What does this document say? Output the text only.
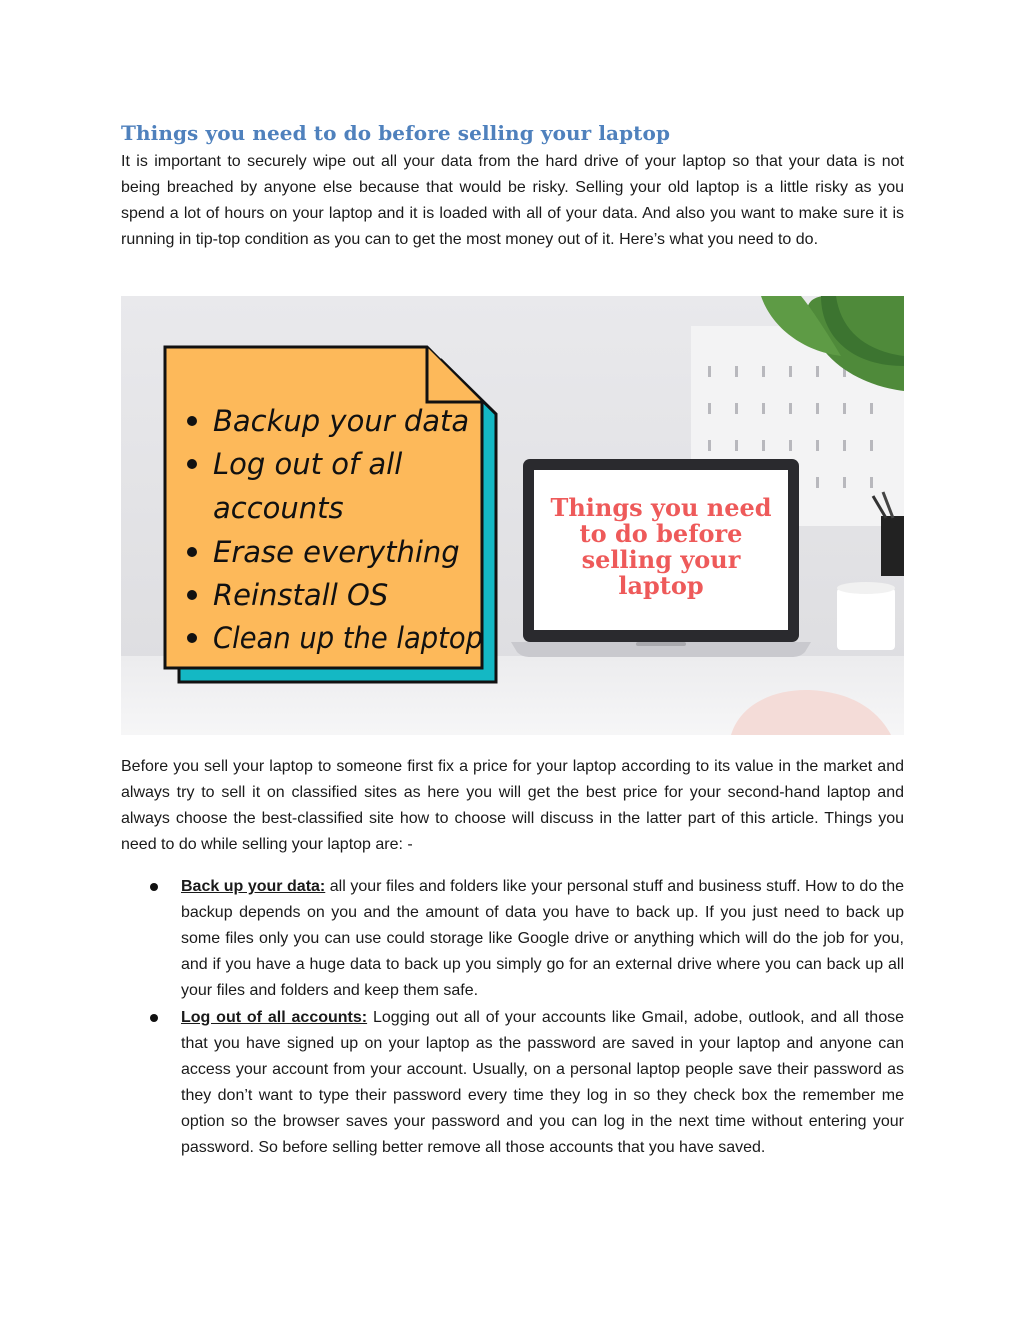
Things you need to do before selling your laptop

It is important to securely wipe out all your data from the hard drive of your laptop so that your data is not being breached by anyone else because that would be risky. Selling your old laptop is a little risky as you spend a lot of hours on your laptop and it is loaded with all of your data. And also you want to make sure it is running in tip-top condition as you can to get the most money out of it. Here’s what you need to do.

Things you need
to do before
selling your
laptop
Backup your data
Log out of all
accounts
Erase everything
Reinstall OS
Clean up the laptop

Before you sell your laptop to someone first fix a price for your laptop according to its value in the market and always try to sell it on classified sites as here you will get the best price for your second-hand laptop and always choose the best-classified site how to choose will discuss in the latter part of this article. Things you need to do while selling your laptop are: -

Back up your data: all your files and folders like your personal stuff and business stuff. How to do the backup depends on you and the amount of data you have to back up. If you just need to back up some files only you can use could storage like Google drive or anything which will do the job for you, and if you have a huge data to back up you simply go for an external drive where you can back up all your files and folders and keep them safe.
Log out of all accounts: Logging out all of your accounts like Gmail, adobe, outlook, and all those that you have signed up on your laptop as the password are saved in your laptop and anyone can access your account from your account. Usually, on a personal laptop people save their password as they don’t want to type their password every time they log in so they check box the remember me option so the browser saves your password and you can log in the next time without entering your password. So before selling better remove all those accounts that you have saved.
